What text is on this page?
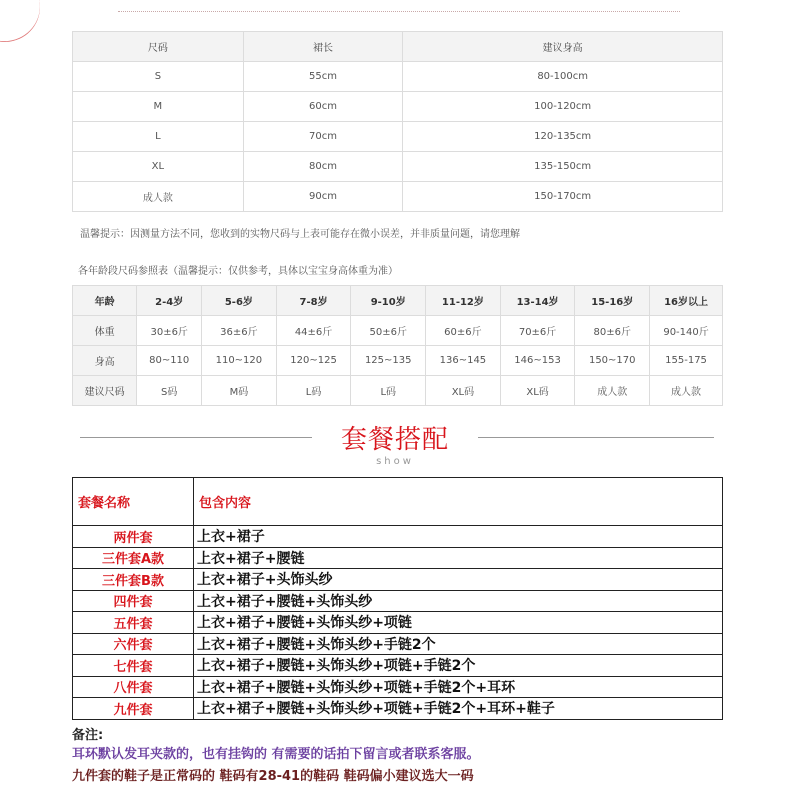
尺码	裙长	建议身高
S	55cm	80-100cm
M	60cm	100-120cm
L	70cm	120-135cm
XL	80cm	135-150cm
成人款	90cm	150-170cm
温馨提示：因测量方法不同，您收到的实物尺码与上表可能存在微小误差，并非质量问题，请您理解
各年龄段尺码参照表（温馨提示：仅供参考，具体以宝宝身高体重为准）
年龄	2-4岁	5-6岁	7-8岁	9-10岁	11-12岁	13-14岁	15-16岁	16岁以上
体重	30±6斤	36±6斤	44±6斤	50±6斤	60±6斤	70±6斤	80±6斤	90-140斤
身高	80~110	110~120	120~125	125~135	136~145	146~153	150~170	155-175
建议尺码	S码	M码	L码	L码	XL码	XL码	成人款	成人款
套餐搭配
show
套餐名称	包含内容
两件套	上衣+裙子
三件套A款	上衣+裙子+腰链
三件套B款	上衣+裙子+头饰头纱
四件套	上衣+裙子+腰链+头饰头纱
五件套	上衣+裙子+腰链+头饰头纱+项链
六件套	上衣+裙子+腰链+头饰头纱+手链2个
七件套	上衣+裙子+腰链+头饰头纱+项链+手链2个
八件套	上衣+裙子+腰链+头饰头纱+项链+手链2个+耳环
九件套	上衣+裙子+腰链+头饰头纱+项链+手链2个+耳环+鞋子
备注:
耳环默认发耳夹款的，也有挂钩的 有需要的话拍下留言或者联系客服。
九件套的鞋子是正常码的 鞋码有28-41的鞋码 鞋码偏小建议选大一码
